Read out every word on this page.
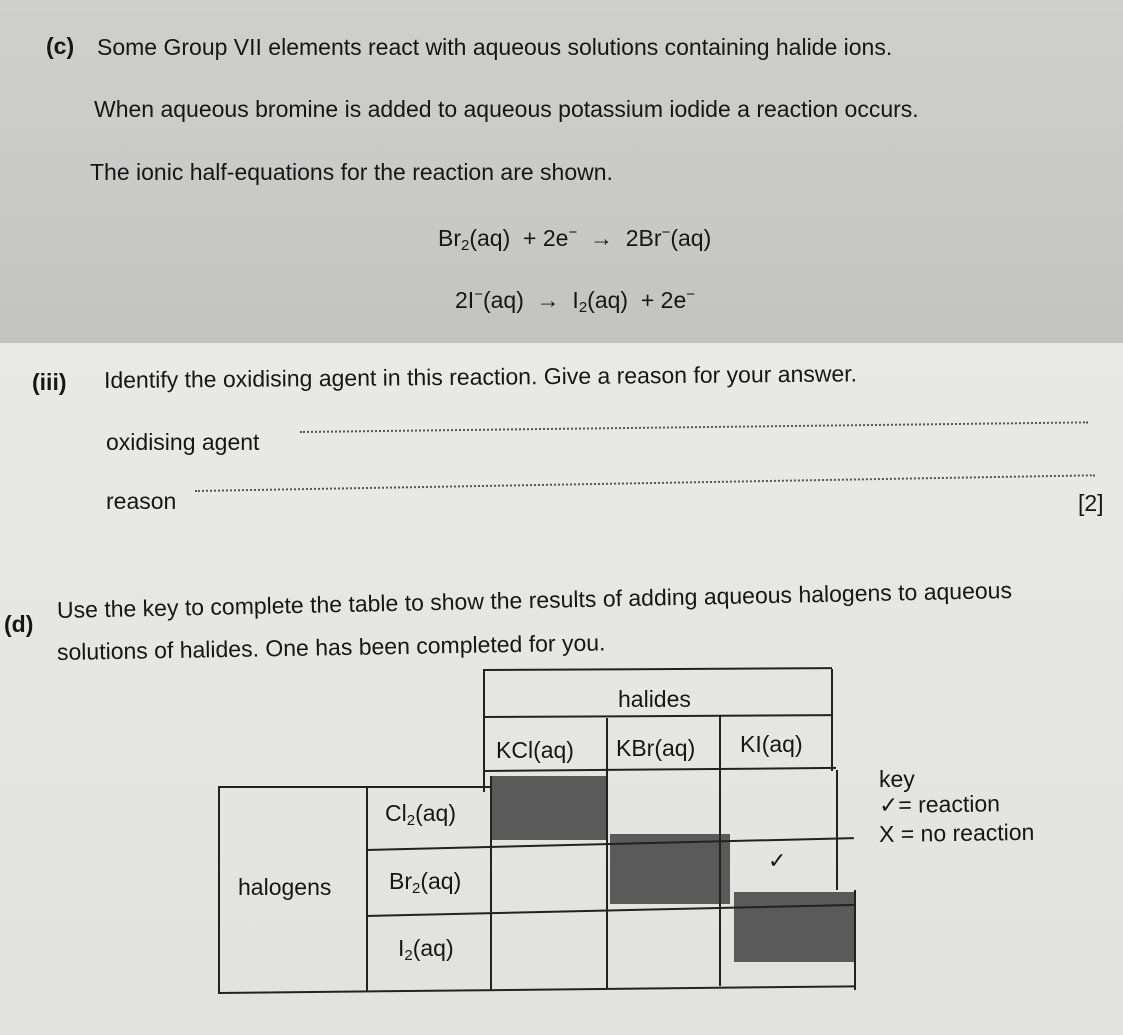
(c) Some Group VII elements react with aqueous solutions containing halide ions.
When aqueous bromine is added to aqueous potassium iodide a reaction occurs.
The ionic half-equations for the reaction are shown.
$Br_2(aq) + 2e^- \to 2Br^-(aq)$
$2I^-(aq) \to I_2(aq) + 2e^-$
(iii) Identify the oxidising agent in this reaction. Give a reason for your answer.
oxidising agent
reason	[2]
(d)
Use the key to complete the table to show the results of adding aqueous halogens to aqueous
solutions of halides. One has been completed for you.
halides
KCl(aq) KBr(aq) KI(aq)
halogens
$Cl_2(aq)$
$Br_2(aq)$
$I_2(aq)$
✓
key
✓= reaction
X = no reaction
